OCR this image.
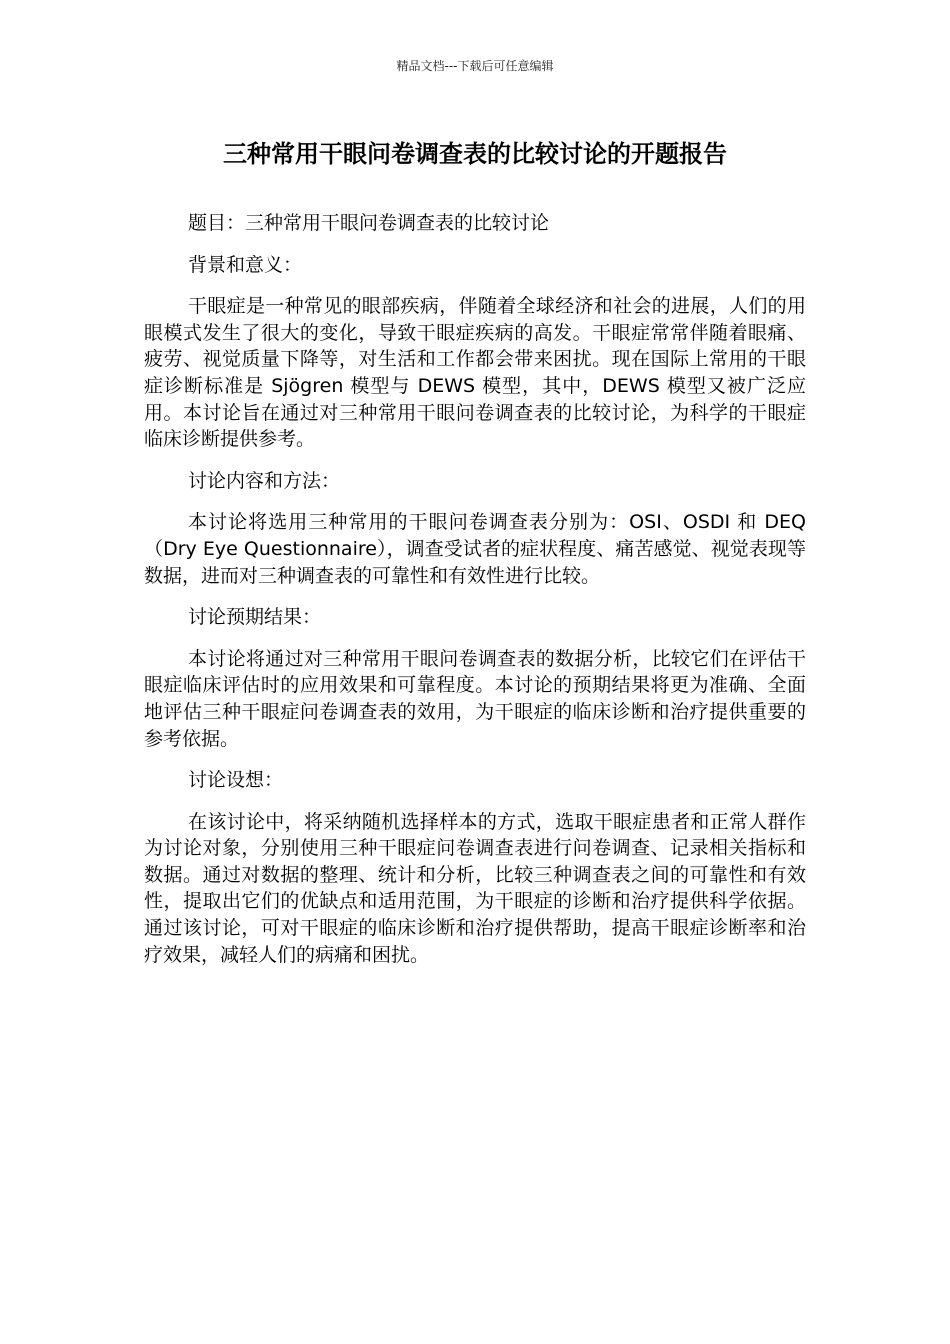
精品文档---下载后可任意编辑
三种常用干眼问卷调查表的比较讨论的开题报告

题目：三种常用干眼问卷调查表的比较讨论

背景和意义：

干眼症是一种常见的眼部疾病，伴随着全球经济和社会的进展，人们的用眼模式发生了很大的变化，导致干眼症疾病的高发。干眼症常常伴随着眼痛、疲劳、视觉质量下降等，对生活和工作都会带来困扰。现在国际上常用的干眼症诊断标准是 Sjögren 模型与 DEWS 模型，其中，DEWS 模型又被广泛应用。本讨论旨在通过对三种常用干眼问卷调查表的比较讨论，为科学的干眼症临床诊断提供参考。

讨论内容和方法：

本讨论将选用三种常用的干眼问卷调查表分别为：OSI、OSDI 和 DEQ（Dry Eye Questionnaire），调查受试者的症状程度、痛苦感觉、视觉表现等数据，进而对三种调查表的可靠性和有效性进行比较。

讨论预期结果：

本讨论将通过对三种常用干眼问卷调查表的数据分析，比较它们在评估干眼症临床评估时的应用效果和可靠程度。本讨论的预期结果将更为准确、全面地评估三种干眼症问卷调查表的效用，为干眼症的临床诊断和治疗提供重要的参考依据。

讨论设想：

在该讨论中，将采纳随机选择样本的方式，选取干眼症患者和正常人群作为讨论对象，分别使用三种干眼症问卷调查表进行问卷调查、记录相关指标和数据。通过对数据的整理、统计和分析，比较三种调查表之间的可靠性和有效性，提取出它们的优缺点和适用范围，为干眼症的诊断和治疗提供科学依据。通过该讨论，可对干眼症的临床诊断和治疗提供帮助，提高干眼症诊断率和治疗效果，减轻人们的病痛和困扰。
